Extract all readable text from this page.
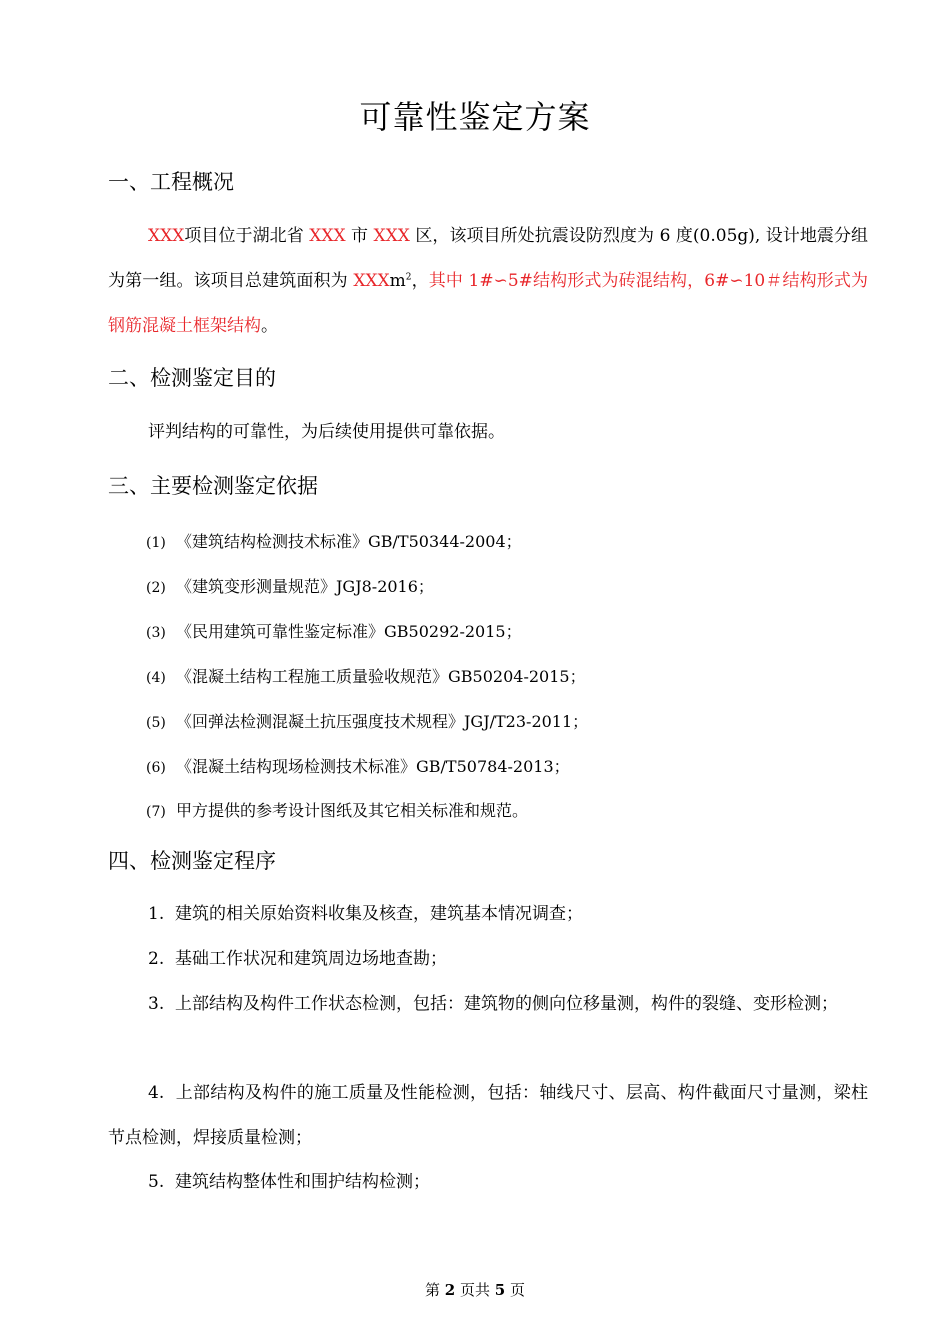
可靠性鉴定方案
一、工程概况

XXX项目位于湖北省 XXX 市 XXX 区，该项目所处抗震设防烈度为 6 度(0.05g), 设计地震分组为第一组。该项目总建筑面积为 XXXm$^2$，其中 1#∽5#结构形式为砖混结构，6#∽10＃结构形式为钢筋混凝土框架结构。

二、检测鉴定目的

评判结构的可靠性，为后续使用提供可靠依据。

三、主要检测鉴定依据

(1) 《建筑结构检测技术标准》GB/T50344-2004；

(2) 《建筑变形测量规范》JGJ8-2016；

(3) 《民用建筑可靠性鉴定标准》GB50292-2015；

(4) 《混凝土结构工程施工质量验收规范》GB50204-2015；

(5) 《回弹法检测混凝土抗压强度技术规程》JGJ/T23-2011；

(6) 《混凝土结构现场检测技术标准》GB/T50784-2013；

(7) 甲方提供的参考设计图纸及其它相关标准和规范。

四、检测鉴定程序

1. 建筑的相关原始资料收集及核查，建筑基本情况调查；

2. 基础工作状况和建筑周边场地查勘；

3. 上部结构及构件工作状态检测，包括：建筑物的侧向位移量测，构件的裂缝、变形检测；

4. 上部结构及构件的施工质量及性能检测，包括：轴线尺寸、层高、构件截面尺寸量测，梁柱节点检测，焊接质量检测；

5. 建筑结构整体性和围护结构检测；

第 2 页共 5 页
